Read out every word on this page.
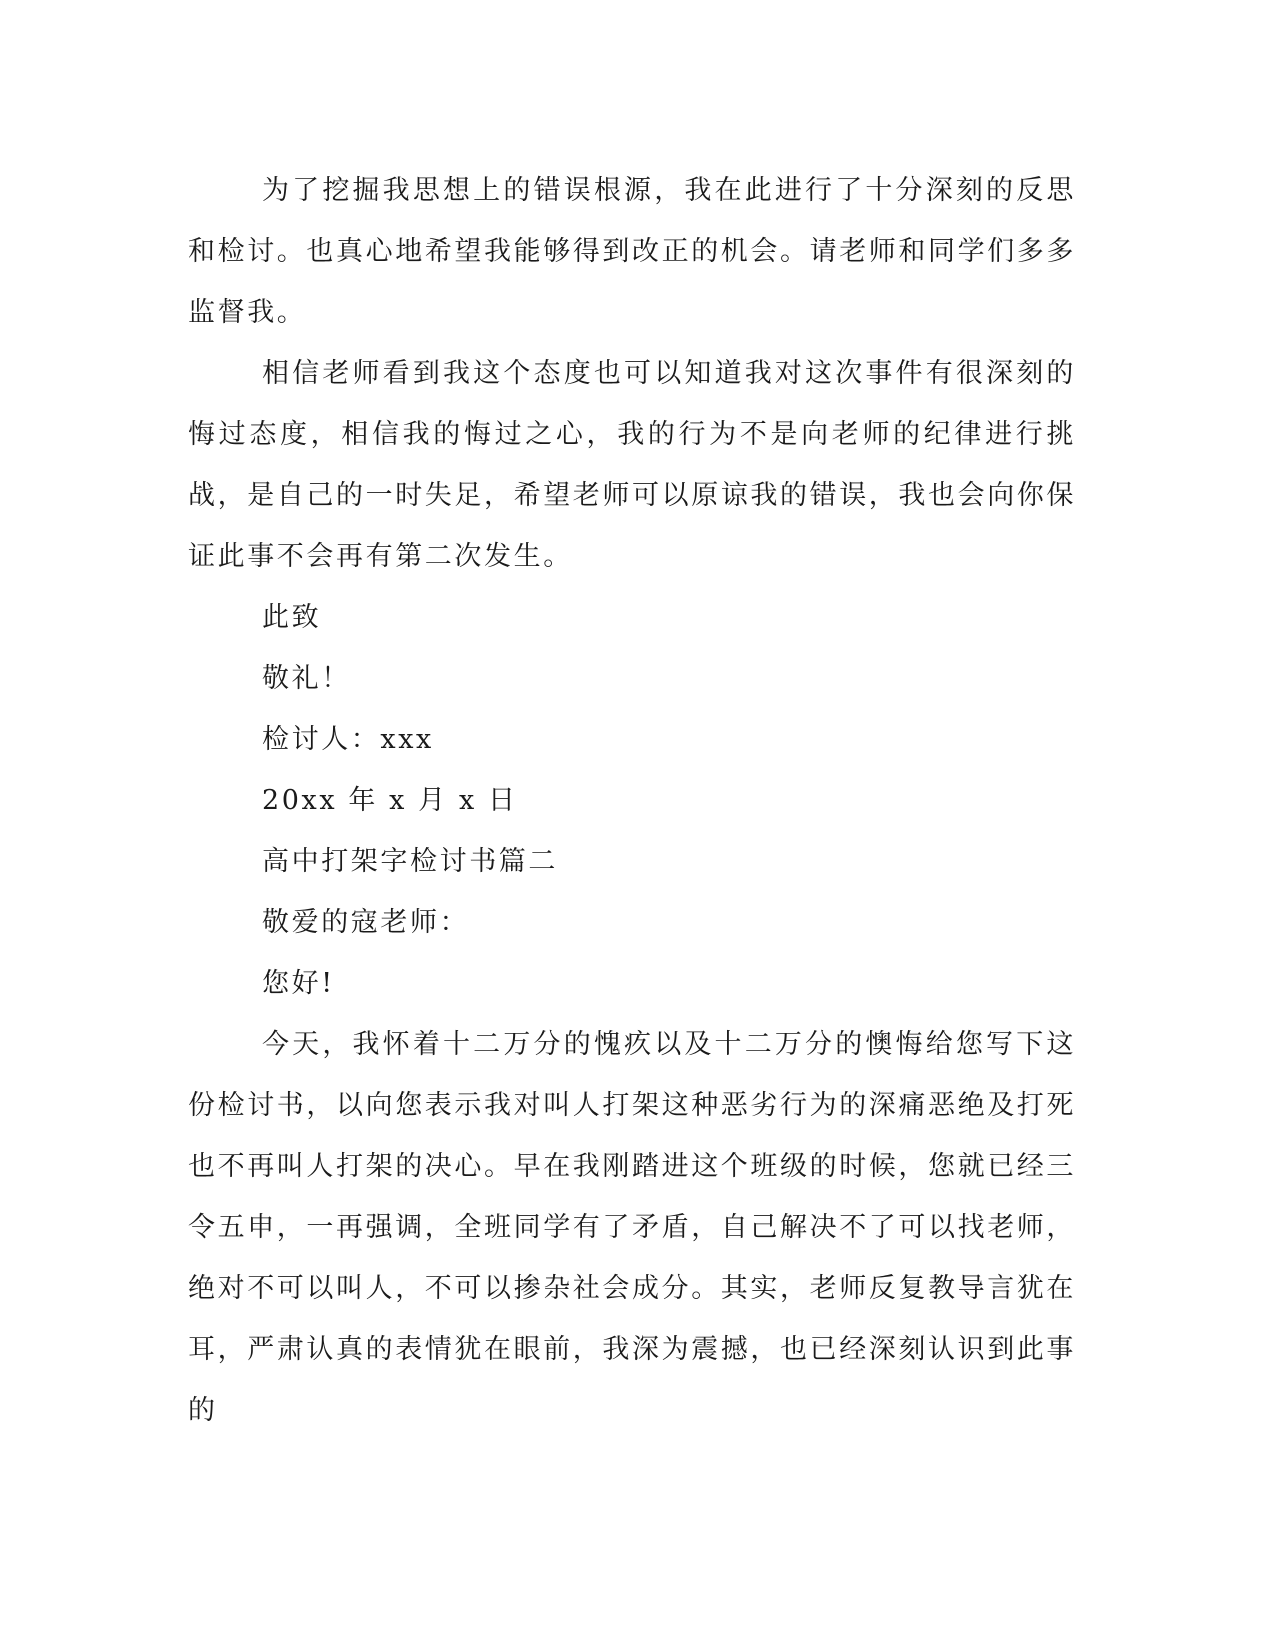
为了挖掘我思想上的错误根源，我在此进行了十分深刻的反思和检讨。也真心地希望我能够得到改正的机会。请老师和同学们多多监督我。

相信老师看到我这个态度也可以知道我对这次事件有很深刻的悔过态度，相信我的悔过之心，我的行为不是向老师的纪律进行挑战，是自己的一时失足，希望老师可以原谅我的错误，我也会向你保证此事不会再有第二次发生。

此致

敬礼！

检讨人：xxx

20xx 年 x 月 x 日

高中打架字检讨书篇二

敬爱的寇老师：

您好!

今天，我怀着十二万分的愧疚以及十二万分的懊悔给您写下这份检讨书，以向您表示我对叫人打架这种恶劣行为的深痛恶绝及打死也不再叫人打架的决心。早在我刚踏进这个班级的时候，您就已经三令五申，一再强调，全班同学有了矛盾，自己解决不了可以找老师，绝对不可以叫人，不可以掺杂社会成分。其实，老师反复教导言犹在耳，严肃认真的表情犹在眼前，我深为震撼，也已经深刻认识到此事的
